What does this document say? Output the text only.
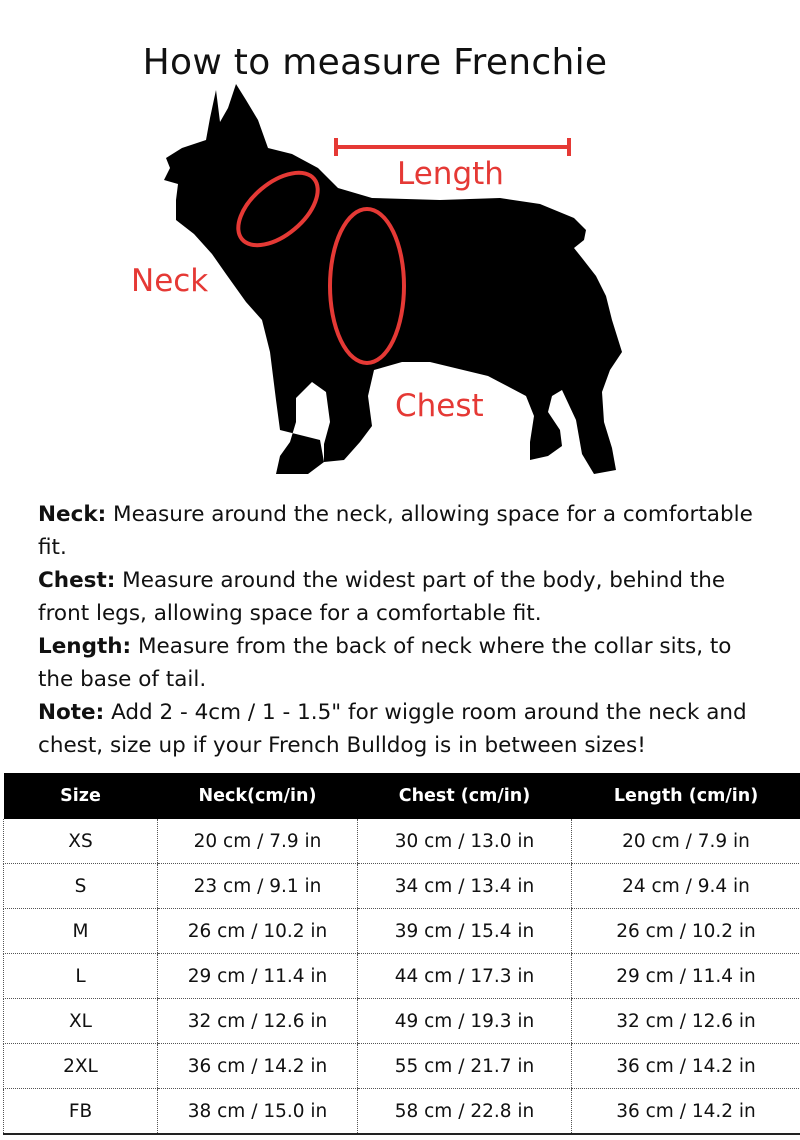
How to measure Frenchie
Length
Neck
Chest

Neck: Measure around the neck, allowing space for a comfortable fit.

Chest: Measure around the widest part of the body, behind the front legs, allowing space for a comfortable fit.

Length: Measure from the back of neck where the collar sits, to the base of tail.

Note: Add 2 - 4cm / 1 - 1.5" for wiggle room around the neck and chest, size up if your French Bulldog is in between sizes!

Size	Neck(cm/in)	Chest (cm/in)	Length (cm/in)
XS	20 cm / 7.9 in	30 cm / 13.0 in	20 cm / 7.9 in
S	23 cm / 9.1 in	34 cm / 13.4 in	24 cm / 9.4 in
M	26 cm / 10.2 in	39 cm / 15.4 in	26 cm / 10.2 in
L	29 cm / 11.4 in	44 cm / 17.3 in	29 cm / 11.4 in
XL	32 cm / 12.6 in	49 cm / 19.3 in	32 cm / 12.6 in
2XL	36 cm / 14.2 in	55 cm / 21.7 in	36 cm / 14.2 in
FB	38 cm / 15.0 in	58 cm / 22.8 in	36 cm / 14.2 in
